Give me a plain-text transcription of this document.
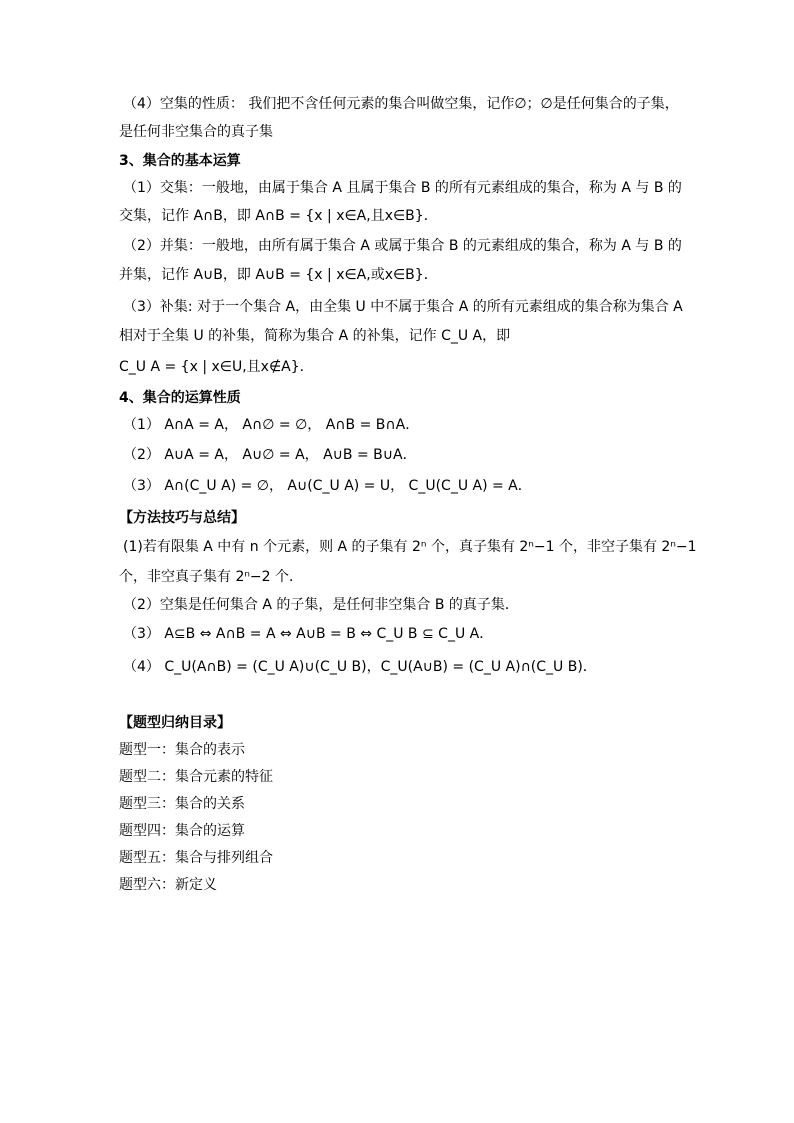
（4）空集的性质： 我们把不含任何元素的集合叫做空集，记作∅；∅是任何集合的子集，
是任何非空集合的真子集
3、集合的基本运算
（1）交集：一般地，由属于集合 A 且属于集合 B 的所有元素组成的集合，称为 A 与 B 的
交集，记作 A∩B，即 A∩B = {x | x∈A,且x∈B}．
（2）并集：一般地，由所有属于集合 A 或属于集合 B 的元素组成的集合，称为 A 与 B 的
并集，记作 A∪B，即 A∪B = {x | x∈A,或x∈B}．
（3）补集: 对于一个集合 A，由全集 U 中不属于集合 A 的所有元素组成的集合称为集合 A
相对于全集 U 的补集，简称为集合 A 的补集，记作 C_U A，即
C_U A = {x | x∈U,且x∉A}．
4、集合的运算性质
（1） A∩A = A， A∩∅ = ∅， A∩B = B∩A．
（2） A∪A = A， A∪∅ = A， A∪B = B∪A．
（3） A∩(C_U A) = ∅， A∪(C_U A) = U， C_U(C_U A) = A．
【方法技巧与总结】
(1)若有限集 A 中有 n 个元素，则 A 的子集有 2ⁿ 个，真子集有 2ⁿ−1 个，非空子集有 2ⁿ−1
个，非空真子集有 2ⁿ−2 个．
（2）空集是任何集合 A 的子集，是任何非空集合 B 的真子集．
（3） A⊆B ⇔ A∩B = A ⇔ A∪B = B ⇔ C_U B ⊆ C_U A．
（4） C_U(A∩B) = (C_U A)∪(C_U B)，C_U(A∪B) = (C_U A)∩(C_U B)．
【题型归纳目录】
题型一：集合的表示
题型二：集合元素的特征
题型三：集合的关系
题型四：集合的运算
题型五：集合与排列组合
题型六：新定义
